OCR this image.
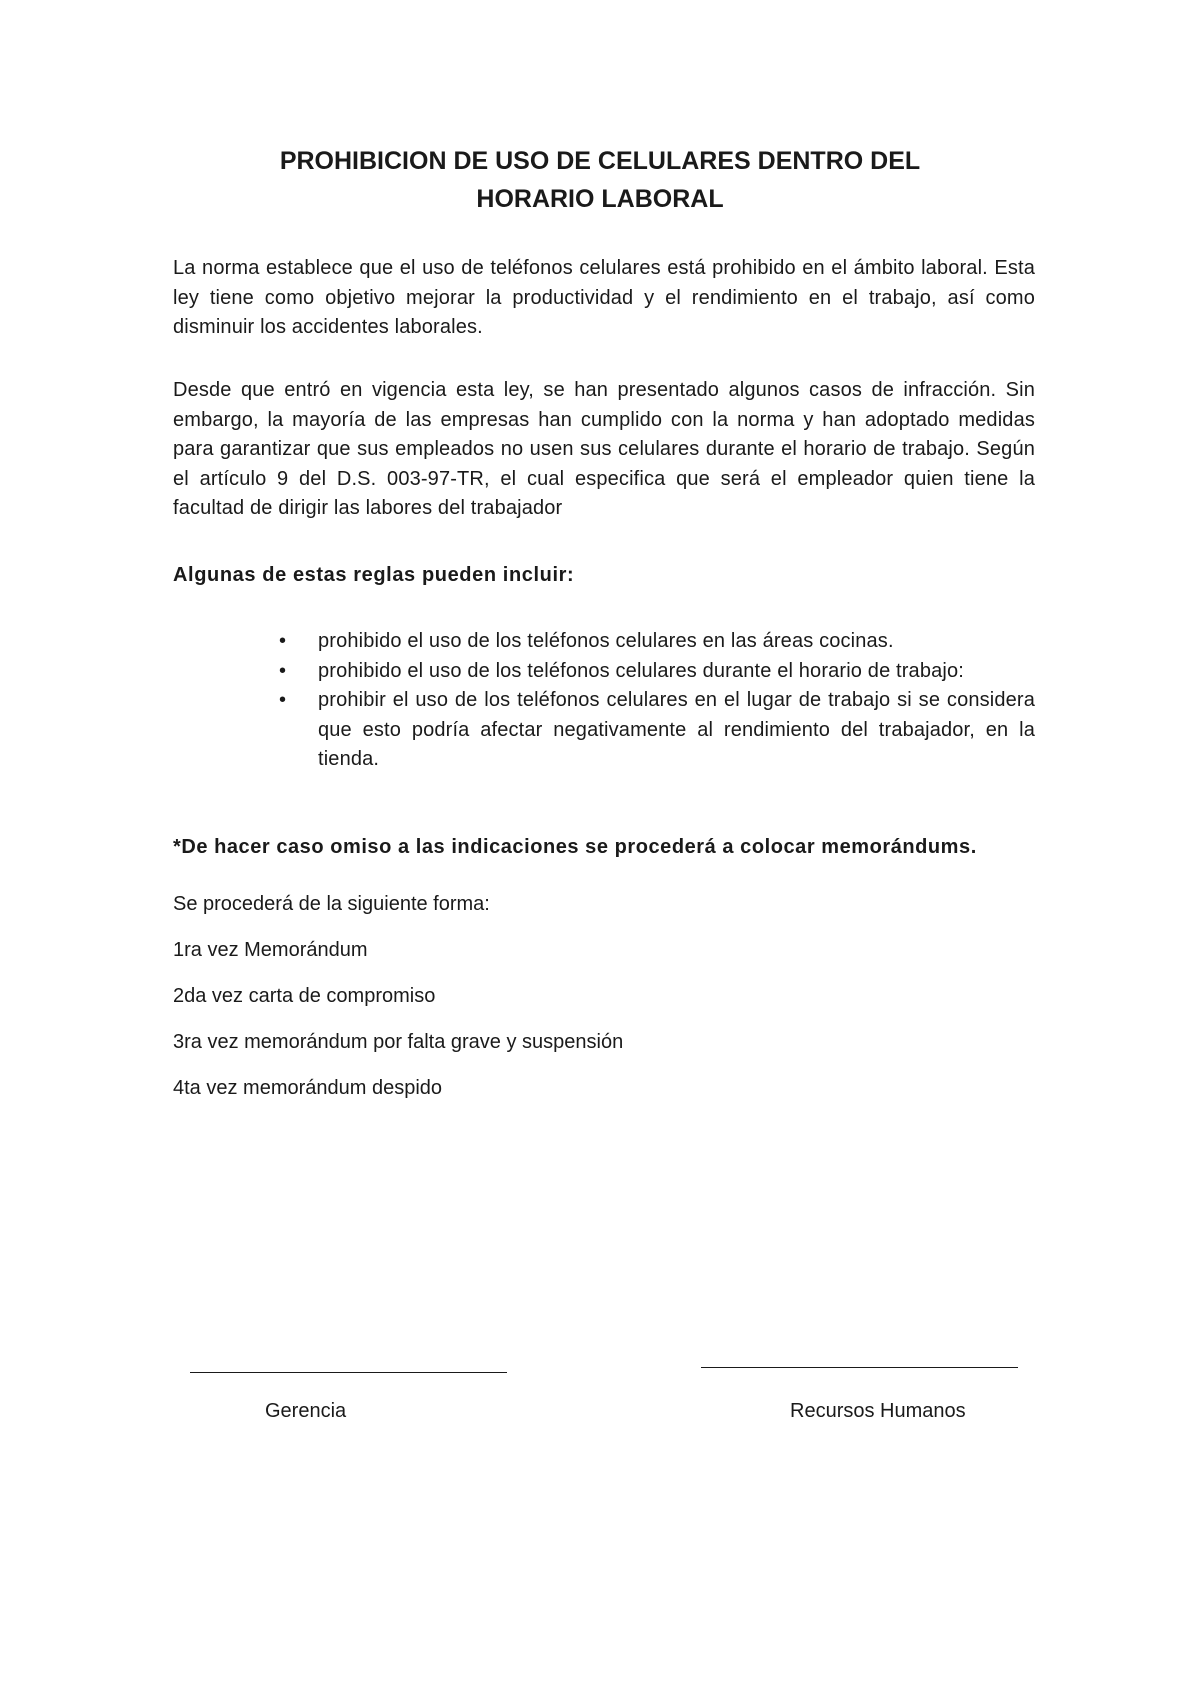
PROHIBICION DE USO DE CELULARES DENTRO DEL
HORARIO LABORAL

La norma establece que el uso de teléfonos celulares está prohibido en el ámbito laboral. Esta ley tiene como objetivo mejorar la productividad y el rendimiento en el trabajo, así como disminuir los accidentes laborales.

Desde que entró en vigencia esta ley, se han presentado algunos casos de infracción. Sin embargo, la mayoría de las empresas han cumplido con la norma y han adoptado medidas para garantizar que sus empleados no usen sus celulares durante el horario de trabajo. Según el artículo 9 del D.S. 003-97-TR, el cual especifica que será el empleador quien tiene la facultad de dirigir las labores del trabajador

Algunas de estas reglas pueden incluir:

• prohibido el uso de los teléfonos celulares en las áreas cocinas.
• prohibido el uso de los teléfonos celulares durante el horario de trabajo:
• prohibir el uso de los teléfonos celulares en el lugar de trabajo si se considera que esto podría afectar negativamente al rendimiento del trabajador, en la tienda.

*De hacer caso omiso a las indicaciones se procederá a colocar memorándums.

Se procederá de la siguiente forma:

1ra vez Memorándum
2da vez carta de compromiso
3ra vez memorándum por falta grave y suspensión
4ta vez memorándum despido

Gerencia	Recursos Humanos
